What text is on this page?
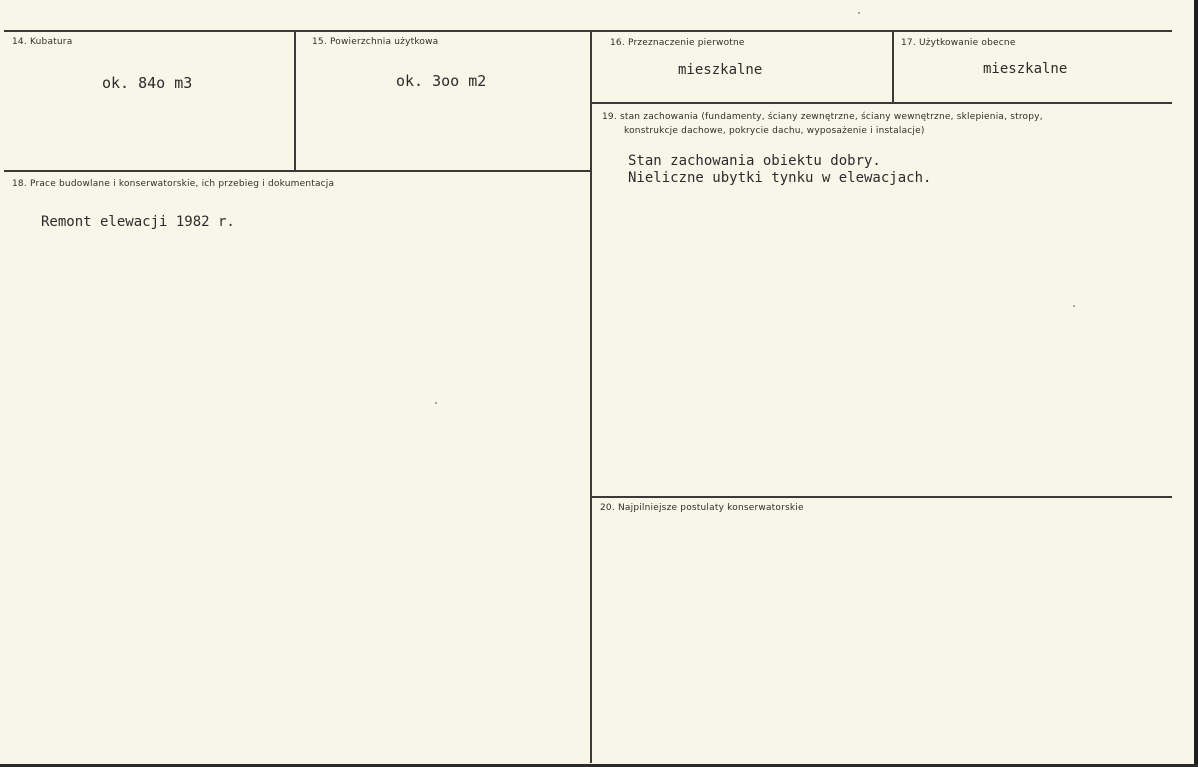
14. Kubatura
ok. 84o m3
15. Powierzchnia użytkowa
ok. 3oo m2
16. Przeznaczenie pierwotne
mieszkalne
17. Użytkowanie obecne
mieszkalne
18. Prace budowlane i konserwatorskie, ich przebieg i dokumentacja
Remont elewacji 1982 r.
19. stan zachowania (fundamenty, ściany zewnętrzne, ściany wewnętrzne, sklepienia, stropy,
konstrukcje dachowe, pokrycie dachu, wyposażenie i instalacje)
Stan zachowania obiektu dobry.
Nieliczne ubytki tynku w elewacjach.
20. Najpilniejsze postulaty konserwatorskie
